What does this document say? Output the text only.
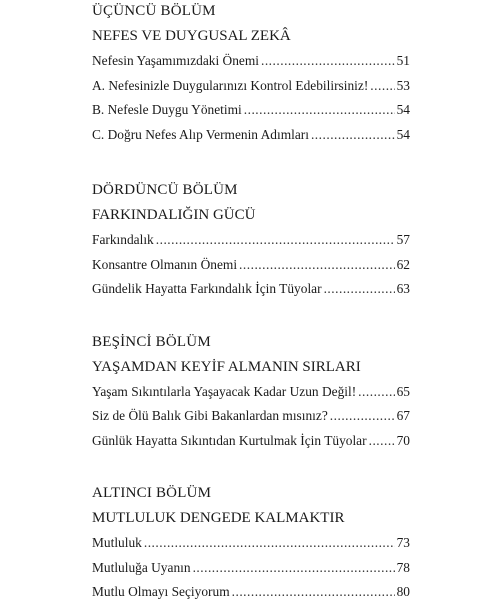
ÜÇÜNCÜ BÖLÜM
NEFES VE DUYGUSAL ZEKÂ
Nefesin Yaşamımızdaki Önemi .....	51
A. Nefesinizle Duygularınızı Kontrol Edebilirsiniz! ..... 53
B. Nefesle Duygu Yönetimi .....	54
C. Doğru Nefes Alıp Vermenin Adımları .....	54
DÖRDÜNCÜ BÖLÜM
FARKINDALIĞIN GÜCÜ
Farkındalık .....	57
Konsantre Olmanın Önemi .....	62
Gündelik Hayatta Farkındalık İçin Tüyolar .....	63
BEŞİNCİ BÖLÜM
YAŞAMDAN KEYİF ALMANIN SIRLARI
Yaşam Sıkıntılarla Yaşayacak Kadar Uzun Değil! .....	65
Siz de Ölü Balık Gibi Bakanlardan mısınız? .....	67
Günlük Hayatta Sıkıntıdan Kurtulmak İçin Tüyolar ..... 70
ALTINCI BÖLÜM
MUTLULUK DENGEDE KALMAKTIR
Mutluluk .....	73
Mutluluğa Uyanın .....	78
Mutlu Olmayı Seçiyorum .....	80
